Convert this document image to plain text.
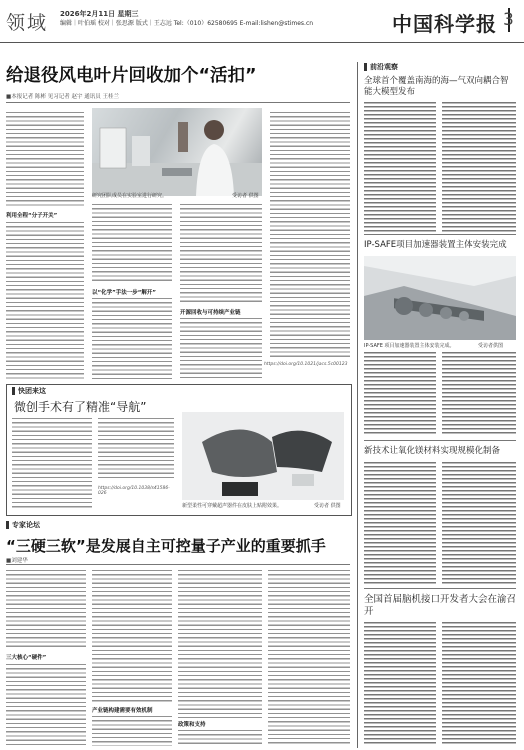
领域 2026年2月11日 星期三
编辑｜叶伯瑶 校对｜张思源 版式｜王志远 Tel:（010）62580695 E-mail:lishen@stimes.cn	中国科学报 3
给退役风电叶片回收加个“活扣”
■本报记者 陈彬 见习记者 赵宇 通讯员 王桂兰
利用全程“分子开关”
研究团队成员在实验室进行研究。	受访者 供图
以“化学”手法一步“解开”
开源回收与可持续产业链
https://doi.org/10.1021/jacs.5c00123
快团来这
微创手术有了精准“导航”
https://doi.org/10.1038/s41586-026
新型柔性可穿戴超声器件在皮肤上贴附效果。	受访者 供图
专家论坛
“三硬三软”是发展自主可控量子产业的重要抓手
■刘建华
三大核心“硬件”
产业链构建需要有效机制
政策和支持
前沿观察
全球首个覆盖南海的海—气双向耦合智能大模型发布
IP-SAFE项目加速器装置主体安装完成
IP-SAFE 项目加速器装置主体安装完成。	受访者供图
新技术让氧化镁材料实现规模化制备
全国首届脑机接口开发者大会在渝召开
